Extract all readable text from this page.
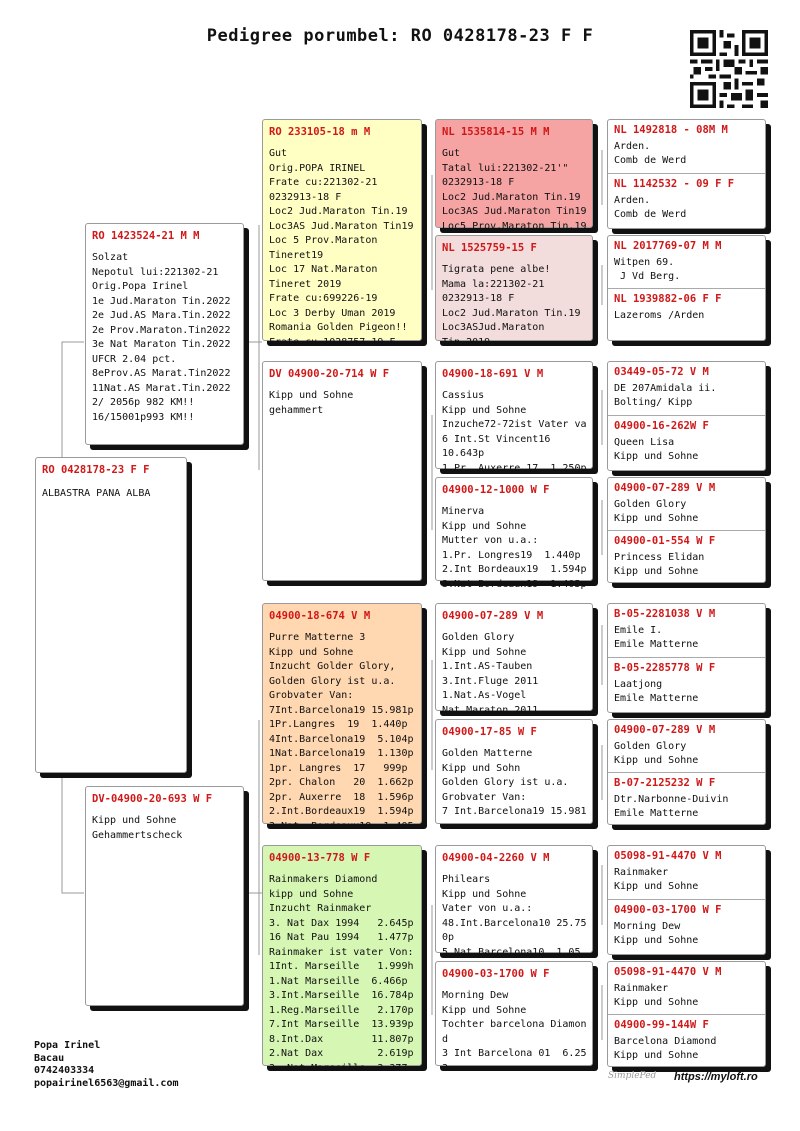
Pedigree porumbel: RO 0428178-23 F F
RO 0428178-23 F F
ALBASTRA PANA ALBA
RO 1423524-21 M M
Solzat
Nepotul lui:221302-21
Orig.Popa Irinel
1e Jud.Maraton Tin.2022
2e Jud.AS Mara.Tin.2022
2e Prov.Maraton.Tin2022
3e Nat Maraton Tin.2022
UFCR 2.04 pct.
8eProv.AS Marat.Tin2022
11Nat.AS Marat.Tin.2022
2/ 2056p 982 KM!!
16/15001p993 KM!!
DV-04900-20-693 W F
Kipp und Sohne
Gehammertscheck
RO 233105-18 m M
Gut
Orig.POPA IRINEL
Frate cu:221302-21
0232913-18 F
Loc2 Jud.Maraton Tin.19
Loc3AS Jud.Maraton Tin19
Loc 5 Prov.Maraton
Tineret19
Loc 17 Nat.Maraton
Tineret 2019
Frate cu:699226-19
Loc 3 Derby Uman 2019
Romania Golden Pigeon!!
Frate cu 1028757-19 F
DV 04900-20-714 W F
Kipp und Sohne
gehammert
04900-18-674 V M
Purre Matterne 3
Kipp und Sohne
Inzucht Golder Glory,
Golden Glory ist u.a.
Grobvater Van:
7Int.Barcelona19 15.981p
1Pr.Langres  19  1.440p
4Int.Barcelona19  5.104p
1Nat.Barcelona19  1.130p
1pr. Langres  17   999p
2pr. Chalon   20  1.662p
2pr. Auxerre  18  1.596p
2.Int.Bordeaux19  1.594p
3.Nat. Bordeaux19  1.405
04900-13-778 W F
Rainmakers Diamond
kipp und Sohne
Inzucht Rainmaker
3. Nat Dax 1994   2.645p
16 Nat Pau 1994   1.477p
Rainmaker ist vater Von:
1Int. Marseille   1.999h
1.Nat Marseille  6.466p
3.Int.Marseille  16.784p
1.Reg.Marseille   2.170p
7.Int Marseille  13.939p
8.Int.Dax        11.807p
2.Nat Dax         2.619p
3. Nat Marseille  3.377
NL 1535814-15 M M
Gut
Tatal lui:221302-21'"
0232913-18 F
Loc2 Jud.Maraton Tin.19
Loc3AS Jud.Maraton Tin19
Loc5 Prov.Maraton Tin.19
NL 1525759-15 F
Tigrata pene albe!
Mama la:221302-21
0232913-18 F
Loc2 Jud.Maraton Tin.19
Loc3ASJud.Maraton
Tin.2019
04900-18-691 V M
Cassius
Kipp und Sohne
Inzuche72-72ist Vater va
6 Int.St Vincent16
10.643p
1.Pr. Auxerre 17  1.250p
04900-12-1000 W F
Minerva
Kipp und Sohne
Mutter von u.a.:
1.Pr. Longres19  1.440p
2.Int Bordeaux19  1.594p
3.Nat Bordeaux19  1.405p
04900-07-289 V M
Golden Glory
Kipp und Sohne
1.Int.AS-Tauben
3.Int.Fluge 2011
1.Nat.As-Vogel
Nat.Maraton 2011
04900-17-85 W F
Golden Matterne
Kipp und Sohn
Golden Glory ist u.a.
Grobvater Van:
7 Int.Barcelona19 15.981
04900-04-2260 V M
Philears
Kipp und Sohne
Vater von u.a.:
48.Int.Barcelona10 25.75
0p
5.Nat.Barcelona10  1.05
04900-03-1700 W F
Morning Dew
Kipp und Sohne
Tochter barcelona Diamon
d
3 Int Barcelona 01  6.25
3
NL 1492818 - 08M M
Arden.
Comb de Werd
NL 1142532 - 09 F F
Arden.
Comb de Werd
NL 2017769-07 M M
Witpen 69.
J Vd Berg.
NL 1939882-06 F F
Lazeroms /Arden
03449-05-72 V M
DE 207Amidala ii.
Bolting/ Kipp
04900-16-262W F
Queen Lisa
Kipp und Sohne
04900-07-289 V M
Golden Glory
Kipp und Sohne
04900-01-554 W F
Princess Elidan
Kipp und Sohne
B-05-2281038 V M
Emile I.
Emile Matterne
B-05-2285778 W F
Laatjong
Emile Matterne
04900-07-289 V M
Golden Glory
Kipp und Sohne
B-07-2125232 W F
Dtr.Narbonne-Duivin
Emile Matterne
05098-91-4470 V M
Rainmaker
Kipp und Sohne
04900-03-1700 W F
Morning Dew
Kipp und Sohne
05098-91-4470 V M
Rainmaker
Kipp und Sohne
04900-99-144W F
Barcelona Diamond
Kipp und Sohne
Popa Irinel
Bacau
0742403334
popairinel6563@gmail.com
SimplePed https://myloft.ro
